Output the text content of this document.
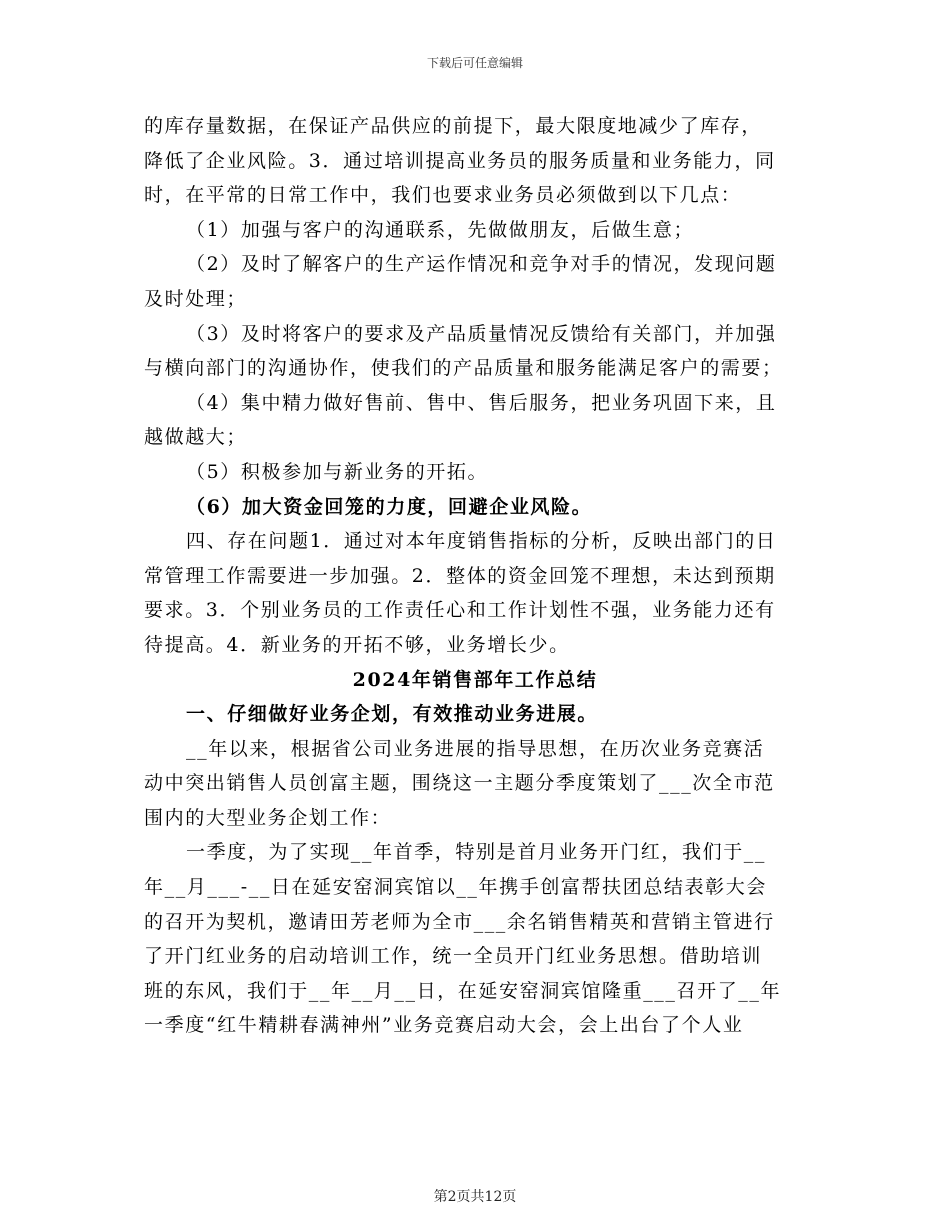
下载后可任意编辑

的库存量数据，在保证产品供应的前提下，最大限度地减少了库存，

降低了企业风险。3．通过培训提高业务员的服务质量和业务能力，同

时，在平常的日常工作中，我们也要求业务员必须做到以下几点：

（1）加强与客户的沟通联系，先做做朋友，后做生意；

（2）及时了解客户的生产运作情况和竞争对手的情况，发现问题

及时处理；

（3）及时将客户的要求及产品质量情况反馈给有关部门，并加强

与横向部门的沟通协作，使我们的产品质量和服务能满足客户的需要；

（4）集中精力做好售前、售中、售后服务，把业务巩固下来，且

越做越大；

（5）积极参加与新业务的开拓。

（6）加大资金回笼的力度，回避企业风险。

四、存在问题1．通过对本年度销售指标的分析，反映出部门的日

常管理工作需要进一步加强。2．整体的资金回笼不理想，未达到预期

要求。3．个别业务员的工作责任心和工作计划性不强，业务能力还有

待提高。4．新业务的开拓不够，业务增长少。

2024年销售部年工作总结

一、仔细做好业务企划，有效推动业务进展。

__年以来，根据省公司业务进展的指导思想，在历次业务竞赛活

动中突出销售人员创富主题，围绕这一主题分季度策划了___次全市范

围内的大型业务企划工作：

一季度，为了实现__年首季，特别是首月业务开门红，我们于__

年__月___-__日在延安窑洞宾馆以__年携手创富帮扶团总结表彰大会

的召开为契机，邀请田芳老师为全市___余名销售精英和营销主管进行

了开门红业务的启动培训工作，统一全员开门红业务思想。借助培训

班的东风，我们于__年__月__日，在延安窑洞宾馆隆重___召开了__年

一季度“红牛精耕春满神州”业务竞赛启动大会，会上出台了个人业

第2页共12页
